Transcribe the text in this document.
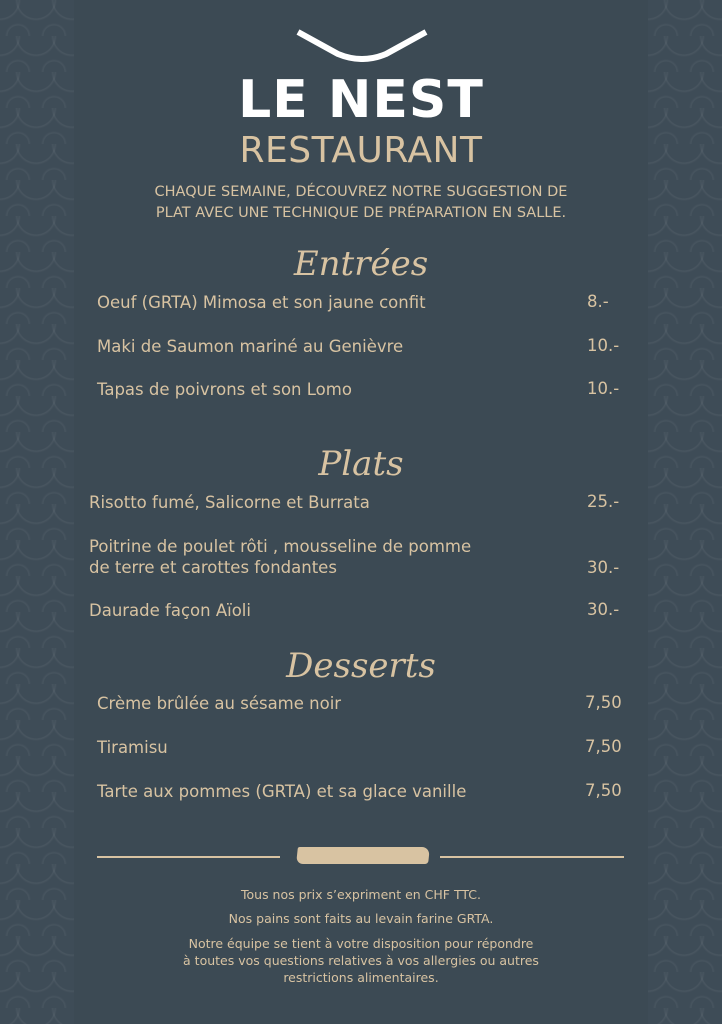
LE NEST
RESTAURANT
CHAQUE SEMAINE, DÉCOUVREZ NOTRE SUGGESTION DE
PLAT AVEC UNE TECHNIQUE DE PRÉPARATION EN SALLE.
Entrées
Oeuf (GRTA) Mimosa et son jaune confit	8.-
Maki de Saumon mariné au Genièvre	10.-
Tapas de poivrons et son Lomo	10.-
Plats
Risotto fumé, Salicorne et Burrata	25.-
Poitrine de poulet rôti , mousseline de pomme
de terre et carottes fondantes	30.-
Daurade façon Aïoli	30.-
Desserts
Crème brûlée au sésame noir	7,50
Tiramisu	7,50
Tarte aux pommes (GRTA) et sa glace vanille	7,50
Tous nos prix s’expriment en CHF TTC.
Nos pains sont faits au levain farine GRTA.
Notre équipe se tient à votre disposition pour répondre
à toutes vos questions relatives à vos allergies ou autres
restrictions alimentaires.
